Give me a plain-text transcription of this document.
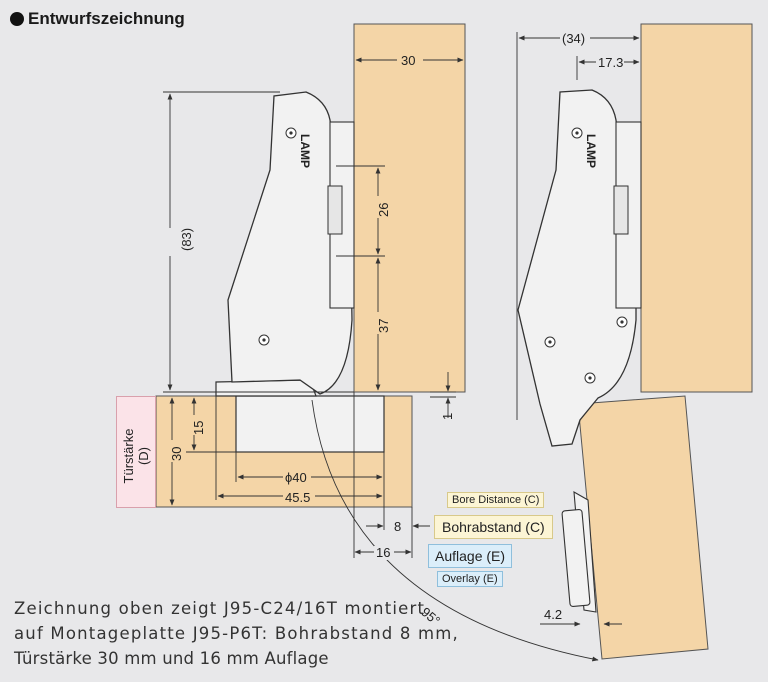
Entwurfszeichnung
LAMP	LAMP
30
(34)
17.3
(83)
26
37
1
15
30
ϕ40
45.5
8
16
4.2
95°
Türstärke (D)
Bore Distance (C)
Bohrabstand (C)
Auflage (E)
Overlay (E)
Zeichnung oben zeigt J95-C24/16T montiert
auf Montageplatte J95-P6T: Bohrabstand 8 mm,
Türstärke 30 mm und 16 mm Auflage
